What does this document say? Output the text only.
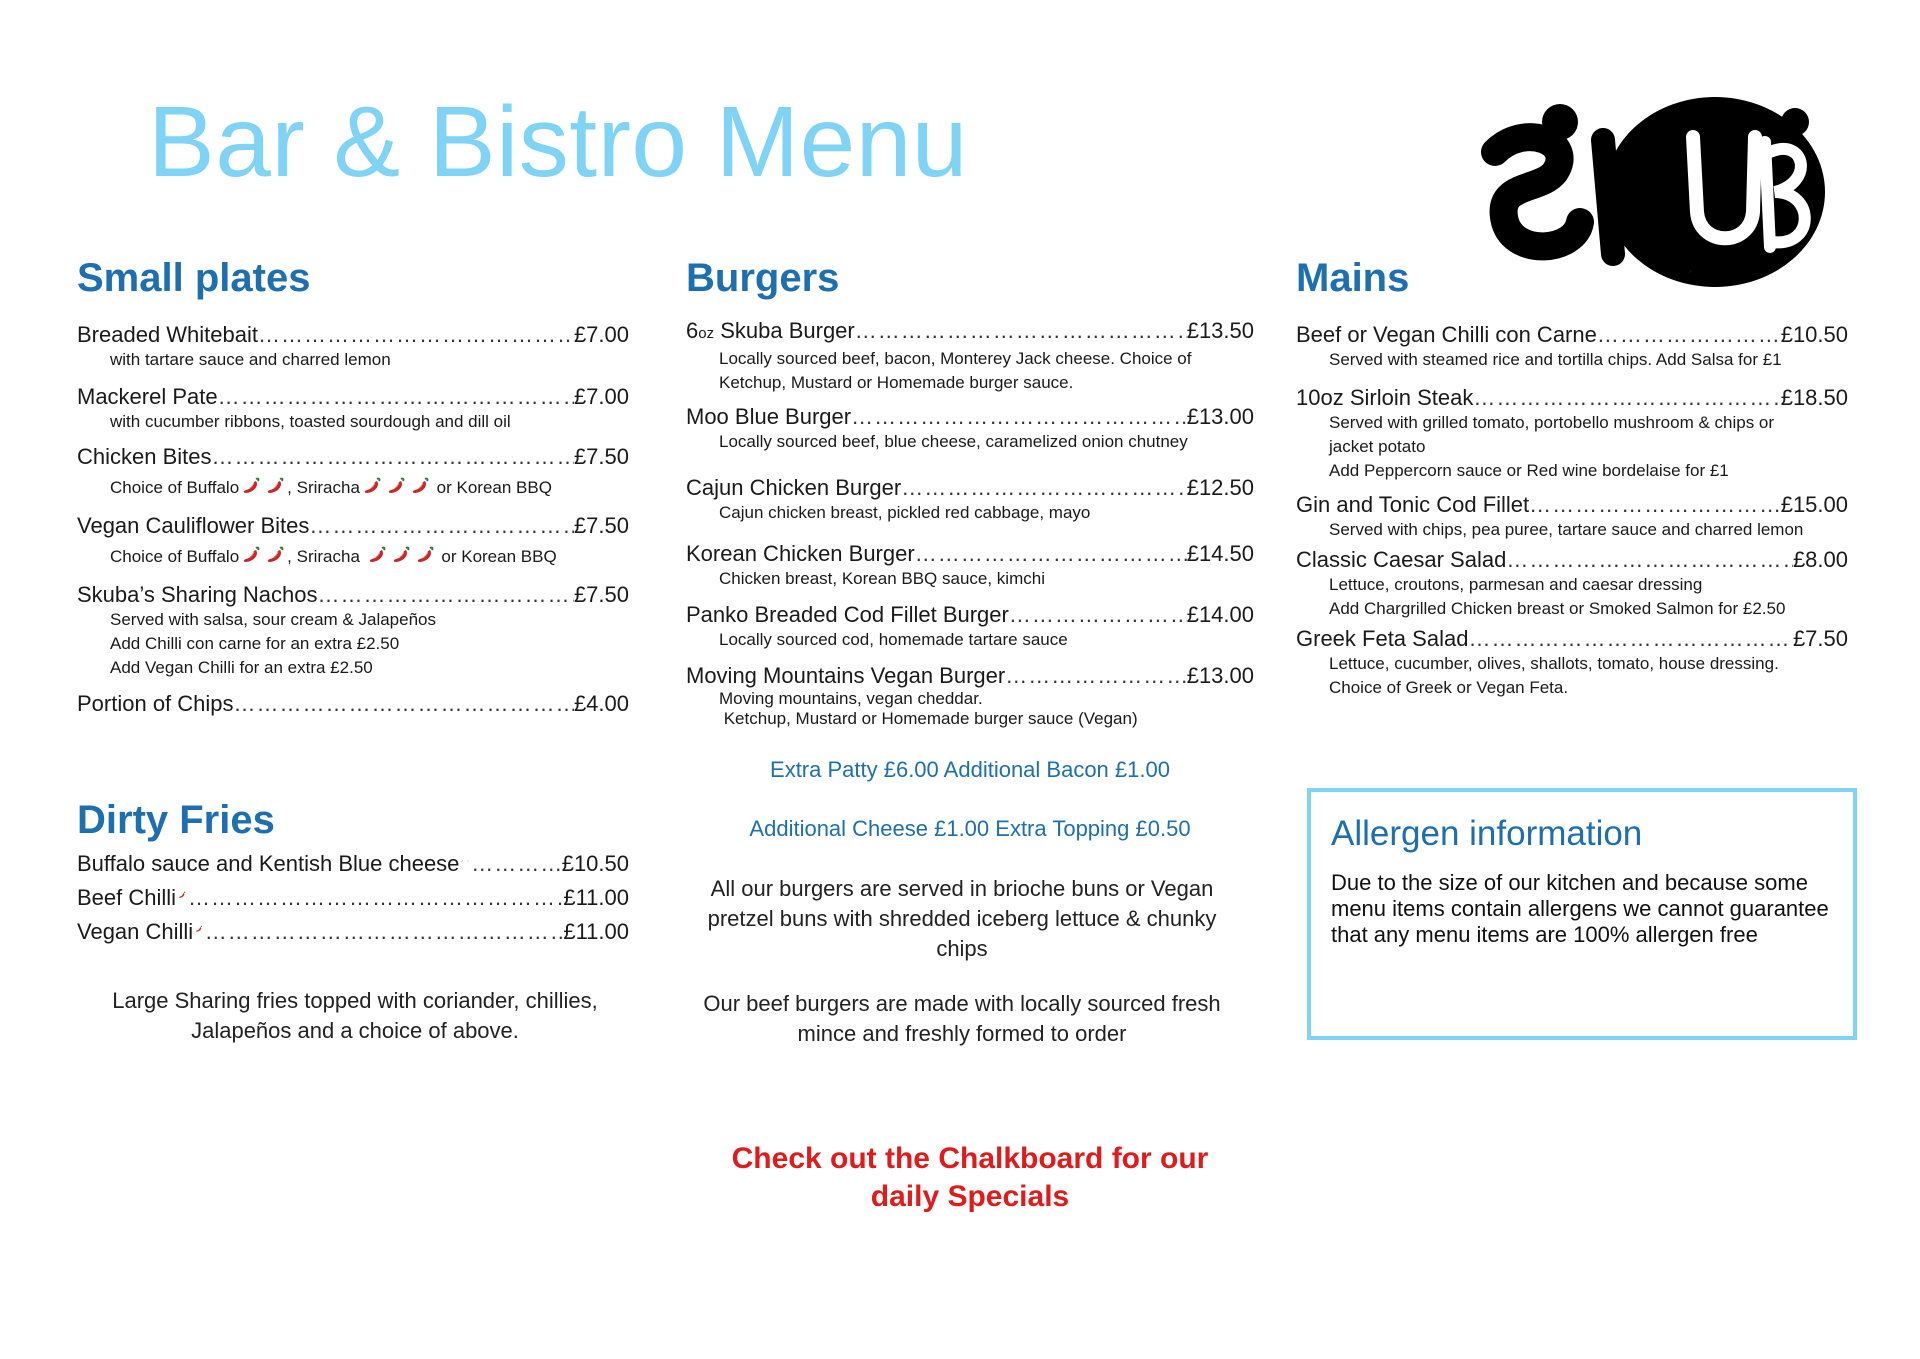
Bar & Bistro Menu
Small plates
Breaded Whitebait ……………………………………………………………………………………………………………	£7.00
with tartare sauce and charred lemon
Mackerel Pate ……………………………………………………………………………………………………………	£7.00
with cucumber ribbons, toasted sourdough and dill oil
Chicken Bites ……………………………………………………………………………………………………………	£7.50
Choice of Buffalo	, Sriracha	or Korean BBQ
Vegan Cauliflower Bites ……………………………………………………………………………………………………………	£7.50
Choice of Buffalo	, Sriracha	or Korean BBQ
Skuba’s Sharing Nachos ……………………………………………………………………………………………………………	£7.50
Served with salsa, sour cream & Jalapeños
Add Chilli con carne for an extra £2.50
Add Vegan Chilli for an extra £2.50
Portion of Chips ……………………………………………………………………………………………………………	£4.00
Dirty Fries
Buffalo sauce and Kentish Blue cheese ……………………………………………………………………………………………………………	£10.50
Beef Chilli ……………………………………………………………………………………………………………	£11.00
Vegan Chilli ……………………………………………………………………………………………………………	£11.00
Large Sharing fries topped with coriander, chillies, Jalapeños and a choice of above.
Burgers
6oz Skuba Burger ……………………………………………………………………………………………………………	£13.50
Locally sourced beef, bacon, Monterey Jack cheese. Choice of
Ketchup, Mustard or Homemade burger sauce.
Moo Blue Burger ……………………………………………………………………………………………………………	£13.00
Locally sourced beef, blue cheese, caramelized onion chutney
Cajun Chicken Burger ……………………………………………………………………………………………………………	£12.50
Cajun chicken breast, pickled red cabbage, mayo
Korean Chicken Burger ……………………………………………………………………………………………………………	£14.50
Chicken breast, Korean BBQ sauce, kimchi
Panko Breaded Cod Fillet Burger ……………………………………………………………………………………………………………	£14.00
Locally sourced cod, homemade tartare sauce
Moving Mountains Vegan Burger ……………………………………………………………………………………………………………	£13.00
Moving mountains, vegan cheddar.
Ketchup, Mustard or Homemade burger sauce (Vegan)
Extra Patty £6.00 Additional Bacon £1.00
Additional Cheese £1.00 Extra Topping £0.50
All our burgers are served in brioche buns or Vegan pretzel buns with shredded iceberg lettuce & chunky chips
Our beef burgers are made with locally sourced fresh mince and freshly formed to order
Mains
Beef or Vegan Chilli con Carne ……………………………………………………………………………………………………………	£10.50
Served with steamed rice and tortilla chips. Add Salsa for £1
10oz Sirloin Steak ……………………………………………………………………………………………………………	£18.50
Served with grilled tomato, portobello mushroom & chips or
jacket potato
Add Peppercorn sauce or Red wine bordelaise for £1
Gin and Tonic Cod Fillet ……………………………………………………………………………………………………………	£15.00
Served with chips, pea puree, tartare sauce and charred lemon
Classic Caesar Salad ……………………………………………………………………………………………………………	£8.00
Lettuce, croutons, parmesan and caesar dressing
Add Chargrilled Chicken breast or Smoked Salmon for £2.50
Greek Feta Salad ……………………………………………………………………………………………………………	£7.50
Lettuce, cucumber, olives, shallots, tomato, house dressing.
Choice of Greek or Vegan Feta.
Allergen information

Due to the size of our kitchen and because some menu items contain allergens we cannot guarantee that any menu items are 100% allergen free

Check out the Chalkboard for our
daily Specials
